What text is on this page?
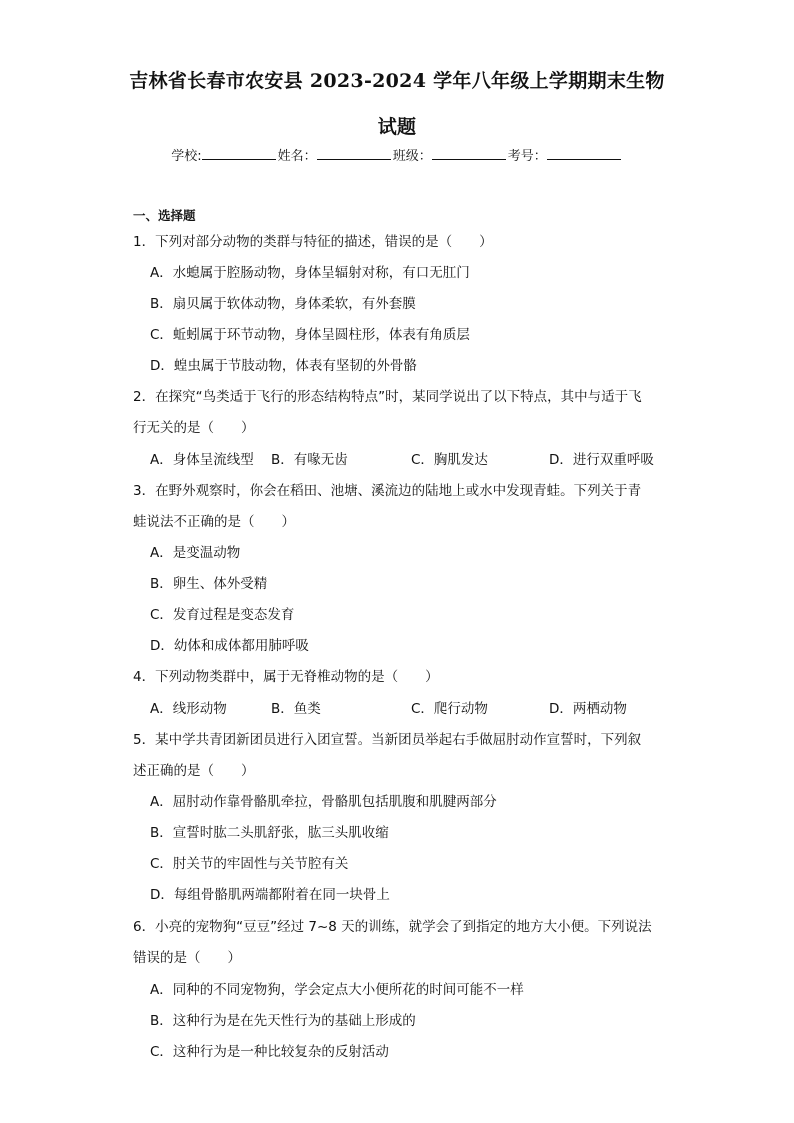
吉林省长春市农安县 2023-2024 学年八年级上学期期末生物
试题
学校:	姓名：	班级：	考号：
一、选择题
1．下列对部分动物的类群与特征的描述，错误的是（　　）
A．水螅属于腔肠动物，身体呈辐射对称，有口无肛门
B．扇贝属于软体动物，身体柔软，有外套膜
C．蚯蚓属于环节动物，身体呈圆柱形，体表有角质层
D．蝗虫属于节肢动物，体表有坚韧的外骨骼
2．在探究“鸟类适于飞行的形态结构特点”时，某同学说出了以下特点，其中与适于飞
行无关的是（　　）
A．身体呈流线型 B．有喙无齿	C．胸肌发达	D．进行双重呼吸
3．在野外观察时，你会在稻田、池塘、溪流边的陆地上或水中发现青蛙。下列关于青
蛙说法不正确的是（　　）
A．是变温动物
B．卵生、体外受精
C．发育过程是变态发育
D．幼体和成体都用肺呼吸
4．下列动物类群中，属于无脊椎动物的是（　　）
A．线形动物	B．鱼类	C．爬行动物	D．两栖动物
5．某中学共青团新团员进行入团宣誓。当新团员举起右手做屈肘动作宣誓时，下列叙
述正确的是（　　）
A．屈肘动作靠骨骼肌牵拉，骨骼肌包括肌腹和肌腱两部分
B．宣誓时肱二头肌舒张，肱三头肌收缩
C．肘关节的牢固性与关节腔有关
D．每组骨骼肌两端都附着在同一块骨上
6．小亮的宠物狗“豆豆”经过 7~8 天的训练，就学会了到指定的地方大小便。下列说法
错误的是（　　）
A．同种的不同宠物狗，学会定点大小便所花的时间可能不一样
B．这种行为是在先天性行为的基础上形成的
C．这种行为是一种比较复杂的反射活动
